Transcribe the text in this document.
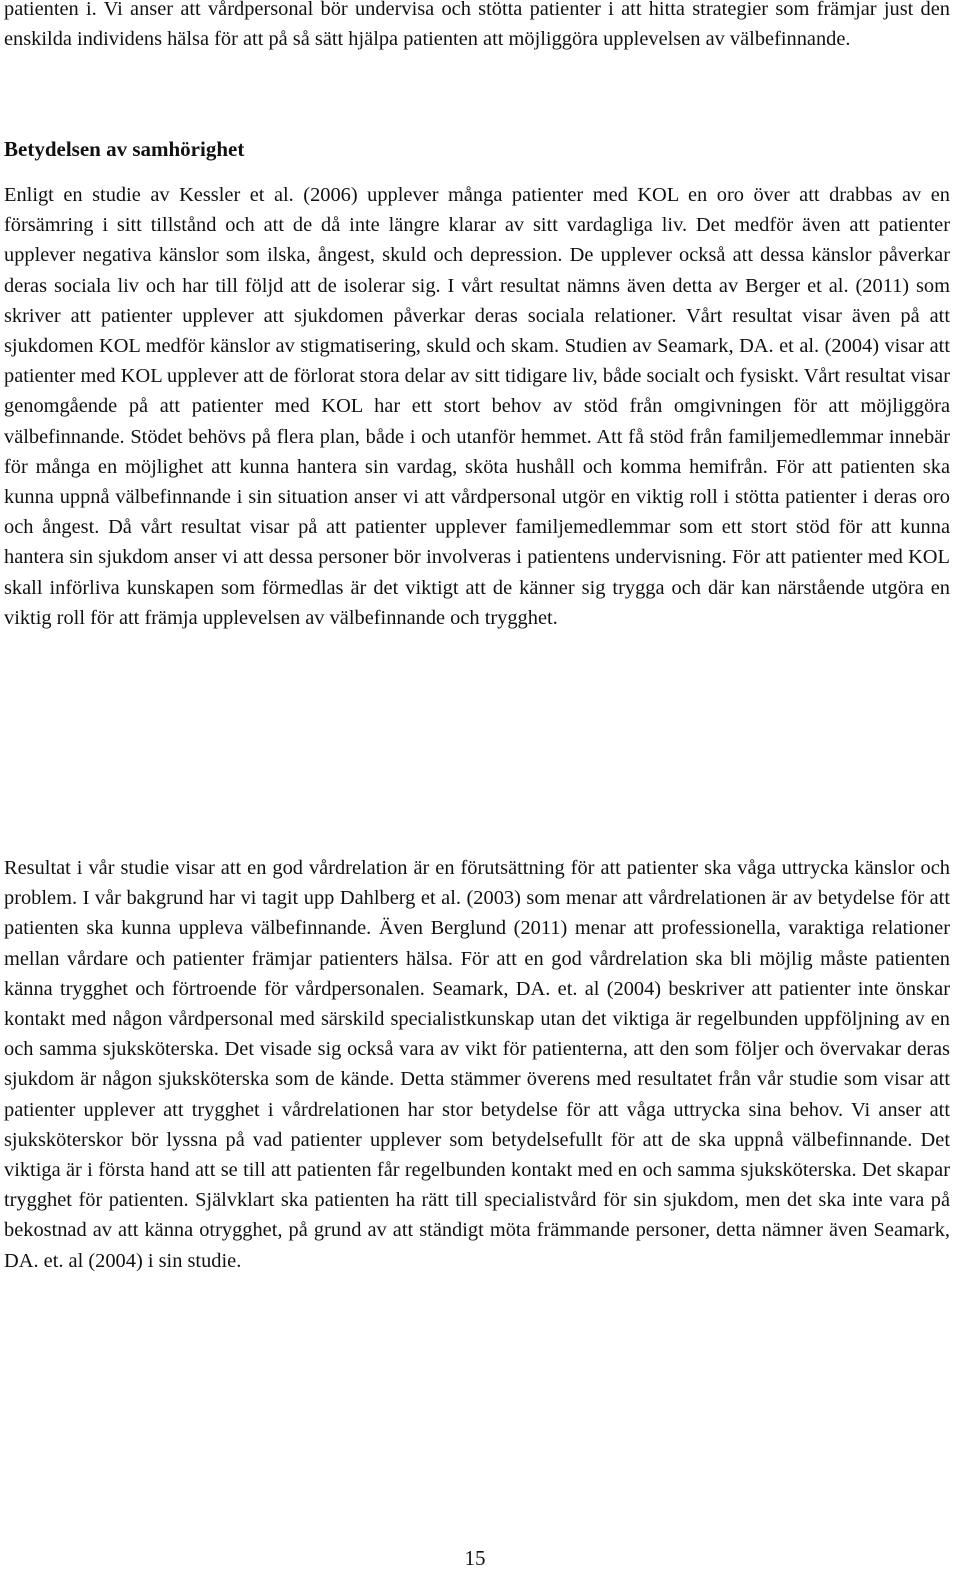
patienten i. Vi anser att vårdpersonal bör undervisa och stötta patienter i att hitta strategier som främjar just den enskilda individens hälsa för att på så sätt hjälpa patienten att möjliggöra upplevelsen av välbefinnande.

Betydelsen av samhörighet

Enligt en studie av Kessler et al. (2006) upplever många patienter med KOL en oro över att drabbas av en försämring i sitt tillstånd och att de då inte längre klarar av sitt vardagliga liv. Det medför även att patienter upplever negativa känslor som ilska, ångest, skuld och depression. De upplever också att dessa känslor påverkar deras sociala liv och har till följd att de isolerar sig. I vårt resultat nämns även detta av Berger et al. (2011) som skriver att patienter upplever att sjukdomen påverkar deras sociala relationer. Vårt resultat visar även på att sjukdomen KOL medför känslor av stigmatisering, skuld och skam. Studien av Seamark, DA. et al. (2004) visar att patienter med KOL upplever att de förlorat stora delar av sitt tidigare liv, både socialt och fysiskt. Vårt resultat visar genomgående på att patienter med KOL har ett stort behov av stöd från omgivningen för att möjliggöra välbefinnande. Stödet behövs på flera plan, både i och utanför hemmet. Att få stöd från familjemedlemmar innebär för många en möjlighet att kunna hantera sin vardag, sköta hushåll och komma hemifrån. För att patienten ska kunna uppnå välbefinnande i sin situation anser vi att vårdpersonal utgör en viktig roll i stötta patienter i deras oro och ångest. Då vårt resultat visar på att patienter upplever familjemedlemmar som ett stort stöd för att kunna hantera sin sjukdom anser vi att dessa personer bör involveras i patientens undervisning. För att patienter med KOL skall införliva kunskapen som förmedlas är det viktigt att de känner sig trygga och där kan närstående utgöra en viktig roll för att främja upplevelsen av välbefinnande och trygghet.

Resultat i vår studie visar att en god vårdrelation är en förutsättning för att patienter ska våga uttrycka känslor och problem. I vår bakgrund har vi tagit upp Dahlberg et al. (2003) som menar att vårdrelationen är av betydelse för att patienten ska kunna uppleva välbefinnande. Även Berglund (2011) menar att professionella, varaktiga relationer mellan vårdare och patienter främjar patienters hälsa. För att en god vårdrelation ska bli möjlig måste patienten känna trygghet och förtroende för vårdpersonalen. Seamark, DA. et. al (2004) beskriver att patienter inte önskar kontakt med någon vårdpersonal med särskild specialistkunskap utan det viktiga är regelbunden uppföljning av en och samma sjuksköterska. Det visade sig också vara av vikt för patienterna, att den som följer och övervakar deras sjukdom är någon sjuksköterska som de kände. Detta stämmer överens med resultatet från vår studie som visar att patienter upplever att trygghet i vårdrelationen har stor betydelse för att våga uttrycka sina behov. Vi anser att sjuksköterskor bör lyssna på vad patienter upplever som betydelsefullt för att de ska uppnå välbefinnande. Det viktiga är i första hand att se till att patienten får regelbunden kontakt med en och samma sjuksköterska. Det skapar trygghet för patienten. Självklart ska patienten ha rätt till specialistvård för sin sjukdom, men det ska inte vara på bekostnad av att känna otrygghet, på grund av att ständigt möta främmande personer, detta nämner även Seamark, DA. et. al (2004) i sin studie.

15
